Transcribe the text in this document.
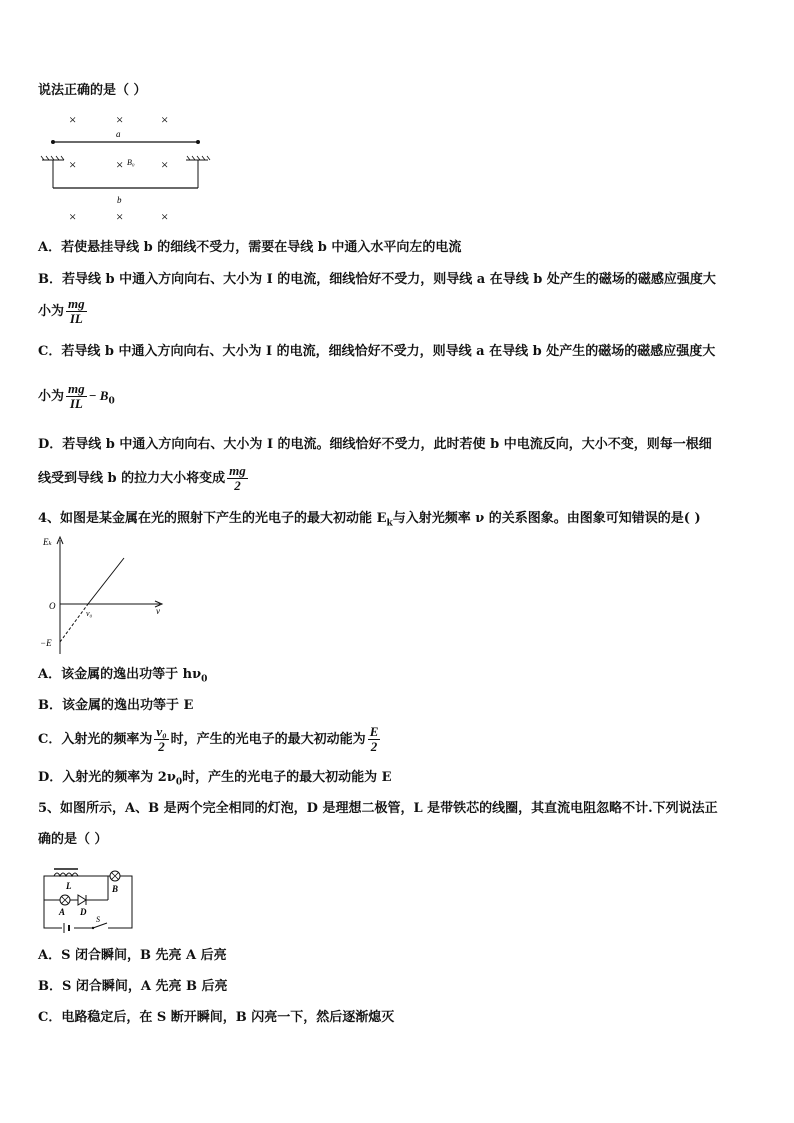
说法正确的是（ ）
a
b
B₀
×	×	×
×	×	×
×	×	×
A．若使悬挂导线 b 的细线不受力，需要在导线 b 中通入水平向左的电流
B．若导线 b 中通入方向向右、大小为 I 的电流，细线恰好不受力，则导线 a 在导线 b 处产生的磁场的磁感应强度大
小为 $\frac{mg}{IL}$
C．若导线 b 中通入方向向右、大小为 I 的电流，细线恰好不受力，则导线 a 在导线 b 处产生的磁场的磁感应强度大
小为 $\frac{mg}{IL} - B_0$
D．若导线 b 中通入方向向右、大小为 I 的电流。细线恰好不受力，此时若使 b 中电流反向，大小不变，则每一根细
线受到导线 b 的拉力大小将变成 $\frac{mg}{2}$
4、如图是某金属在光的照射下产生的光电子的最大初动能 $E_k$与入射光频率 ν 的关系图象。由图象可知错误的是( )
Eₖ
O	ν
ν₀
−E
A．该金属的逸出功等于 $h\nu_0$
B．该金属的逸出功等于 E
C．入射光的频率为 $\frac{\text{ν₀}}{2}$ 时，产生的光电子的最大初动能为 $\frac{E}{2}$
D．入射光的频率为 $2\nu_0$时，产生的光电子的最大初动能为 E
5、如图所示，A、B 是两个完全相同的灯泡，D 是理想二极管，L 是带铁芯的线圈，其直流电阻忽略不计.下列说法正
确的是（ ）
L	B
A D
S
A．S 闭合瞬间，B 先亮 A 后亮
B．S 闭合瞬间，A 先亮 B 后亮
C．电路稳定后，在 S 断开瞬间，B 闪亮一下，然后逐渐熄灭
